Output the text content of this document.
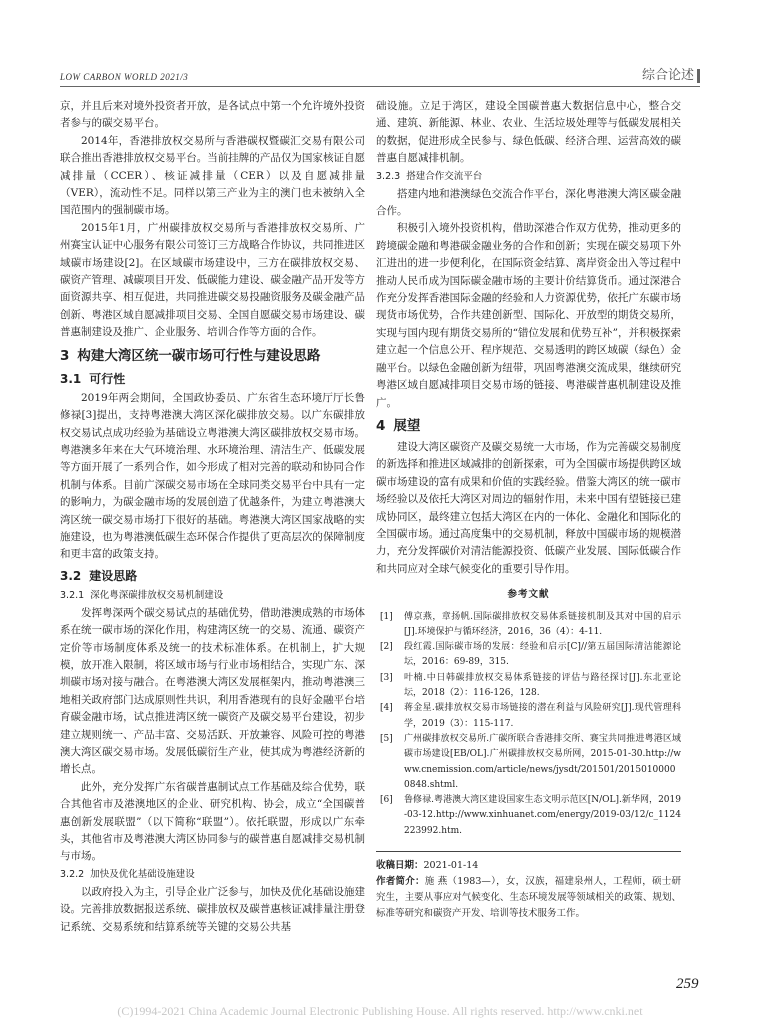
LOW CARBON WORLD 2021/3	综合论述

京，并且后来对境外投资者开放，是各试点中第一个允许境外投资者参与的碳交易平台。

2014年，香港排放权交易所与香港碳权暨碳汇交易有限公司联合推出香港排放权交易平台。当前挂牌的产品仅为国家核证自愿减排量（CCER）、核证减排量（CER）以及自愿减排量（VER），流动性不足。同样以第三产业为主的澳门也未被纳入全国范围内的强制碳市场。

2015年1月，广州碳排放权交易所与香港排放权交易所、广州赛宝认证中心服务有限公司签订三方战略合作协议，共同推进区域碳市场建设[2]。在区域碳市场建设中，三方在碳排放权交易、碳资产管理、减碳项目开发、低碳能力建设、碳金融产品开发等方面资源共享、相互促进，共同推进碳交易投融资服务及碳金融产品创新、粤港区域自愿减排项目交易、全国自愿碳交易市场建设、碳普惠制建设及推广、企业服务、培训合作等方面的合作。

3 构建大湾区统一碳市场可行性与建设思路
3.1 可行性

2019年两会期间，全国政协委员、广东省生态环境厅厅长鲁修禄[3]提出，支持粤港澳大湾区深化碳排放交易。以广东碳排放权交易试点成功经验为基础设立粤港澳大湾区碳排放权交易市场。粤港澳多年来在大气环境治理、水环境治理、清洁生产、低碳发展等方面开展了一系列合作，如今形成了相对完善的联动和协同合作机制与体系。目前广深碳交易市场在全球同类交易平台中具有一定的影响力，为碳金融市场的发展创造了优越条件，为建立粤港澳大湾区统一碳交易市场打下很好的基础。粤港澳大湾区国家战略的实施建设，也为粤港澳低碳生态环保合作提供了更高层次的保障制度和更丰富的政策支持。

3.2 建设思路
3.2.1 深化粤深碳排放权交易机制建设

发挥粤深两个碳交易试点的基础优势，借助港澳成熟的市场体系在统一碳市场的深化作用，构建湾区统一的交易、流通、碳资产定价等市场制度体系及统一的技术标准体系。在机制上，扩大规模，放开准入限制，将区域市场与行业市场相结合，实现广东、深圳碳市场对接与融合。在粤港澳大湾区发展框架内，推动粤港澳三地相关政府部门达成原则性共识，利用香港现有的良好金融平台培育碳金融市场，试点推进湾区统一碳资产及碳交易平台建设，初步建立规则统一、产品丰富、交易活跃、开放兼容、风险可控的粤港澳大湾区碳交易市场。发展低碳衍生产业，使其成为粤港经济新的增长点。

此外，充分发挥广东省碳普惠制试点工作基础及综合优势，联合其他省市及港澳地区的企业、研究机构、协会，成立“全国碳普惠创新发展联盟”（以下简称“联盟”）。依托联盟，形成以广东牵头，其他省市及粤港澳大湾区协同参与的碳普惠自愿减排交易机制与市场。

3.2.2 加快及优化基础设施建设

以政府投入为主，引导企业广泛参与，加快及优化基础设施建设。完善排放数据报送系统、碳排放权及碳普惠核证减排量注册登记系统、交易系统和结算系统等关键的交易公共基

础设施。立足于湾区，建设全国碳普惠大数据信息中心，整合交通、建筑、新能源、林业、农业、生活垃圾处理等与低碳发展相关的数据，促进形成全民参与、绿色低碳、经济合理、运营高效的碳普惠自愿减排机制。

3.2.3 搭建合作交流平台

搭建内地和港澳绿色交流合作平台，深化粤港澳大湾区碳金融合作。

积极引入境外投资机构，借助深港合作双方优势，推动更多的跨境碳金融和粤港碳金融业务的合作和创新；实现在碳交易项下外汇进出的进一步便利化，在国际资金结算、离岸资金出入等过程中推动人民币成为国际碳金融市场的主要计价结算货币。通过深港合作充分发挥香港国际金融的经验和人力资源优势，依托广东碳市场现货市场优势，合作共建创新型、国际化、开放型的期货交易所，实现与国内现有期货交易所的“错位发展和优势互补”，并积极探索建立起一个信息公开、程序规范、交易透明的跨区域碳（绿色）金融平台。以绿色金融创新为纽带，巩固粤港澳交流成果，继续研究粤港区域自愿减排项目交易市场的链接、粤港碳普惠机制建设及推广。

4 展望

建设大湾区碳资产及碳交易统一大市场，作为完善碳交易制度的新选择和推进区域减排的创新探索，可为全国碳市场提供跨区域碳市场建设的富有成果和价值的实践经验。借鉴大湾区的统一碳市场经验以及依托大湾区对周边的辐射作用，未来中国有望链接已建成协同区，最终建立包括大湾区在内的一体化、金融化和国际化的全国碳市场。通过高度集中的交易机制，释放中国碳市场的规模潜力，充分发挥碳价对清洁能源投资、低碳产业发展、国际低碳合作和共同应对全球气候变化的重要引导作用。

参考文献
[1] 傅京燕，章扬帆.国际碳排放权交易体系链接机制及其对中国的启示[J].环境保护与循环经济，2016，36（4）：4-11.
[2] 段红霞.国际碳市场的发展：经验和启示[C]//第五届国际清洁能源论坛，2016：69-89，315.
[3] 叶楠.中日韩碳排放权交易体系链接的评估与路径探讨[J].东北亚论坛，2018（2）：116-126，128.
[4] 蒋金星.碳排放权交易市场链接的潜在利益与风险研究[J].现代管理科学，2019（3）：115-117.
[5] 广州碳排放权交易所.广碳所联合香港排交所、赛宝共同推进粤港区域碳市场建设[EB/OL].广州碳排放权交易所网，2015-01-30.http://www.cnemission.com/article/news/jysdt/201501/20150100000848.shtml.
[6] 鲁修禄.粤港澳大湾区建设国家生态文明示范区[N/OL].新华网，2019-03-12.http://www.xinhuanet.com/energy/2019-03/12/c_1124223992.htm.

收稿日期：2021-01-14

作者简介：施 燕（1983—），女，汉族，福建泉州人，工程师，硕士研究生，主要从事应对气候变化、生态环境发展等领域相关的政策、规划、标准等研究和碳资产开发、培训等技术服务工作。

259
(C)1994-2021 China Academic Journal Electronic Publishing House. All rights reserved. http://www.cnki.net
